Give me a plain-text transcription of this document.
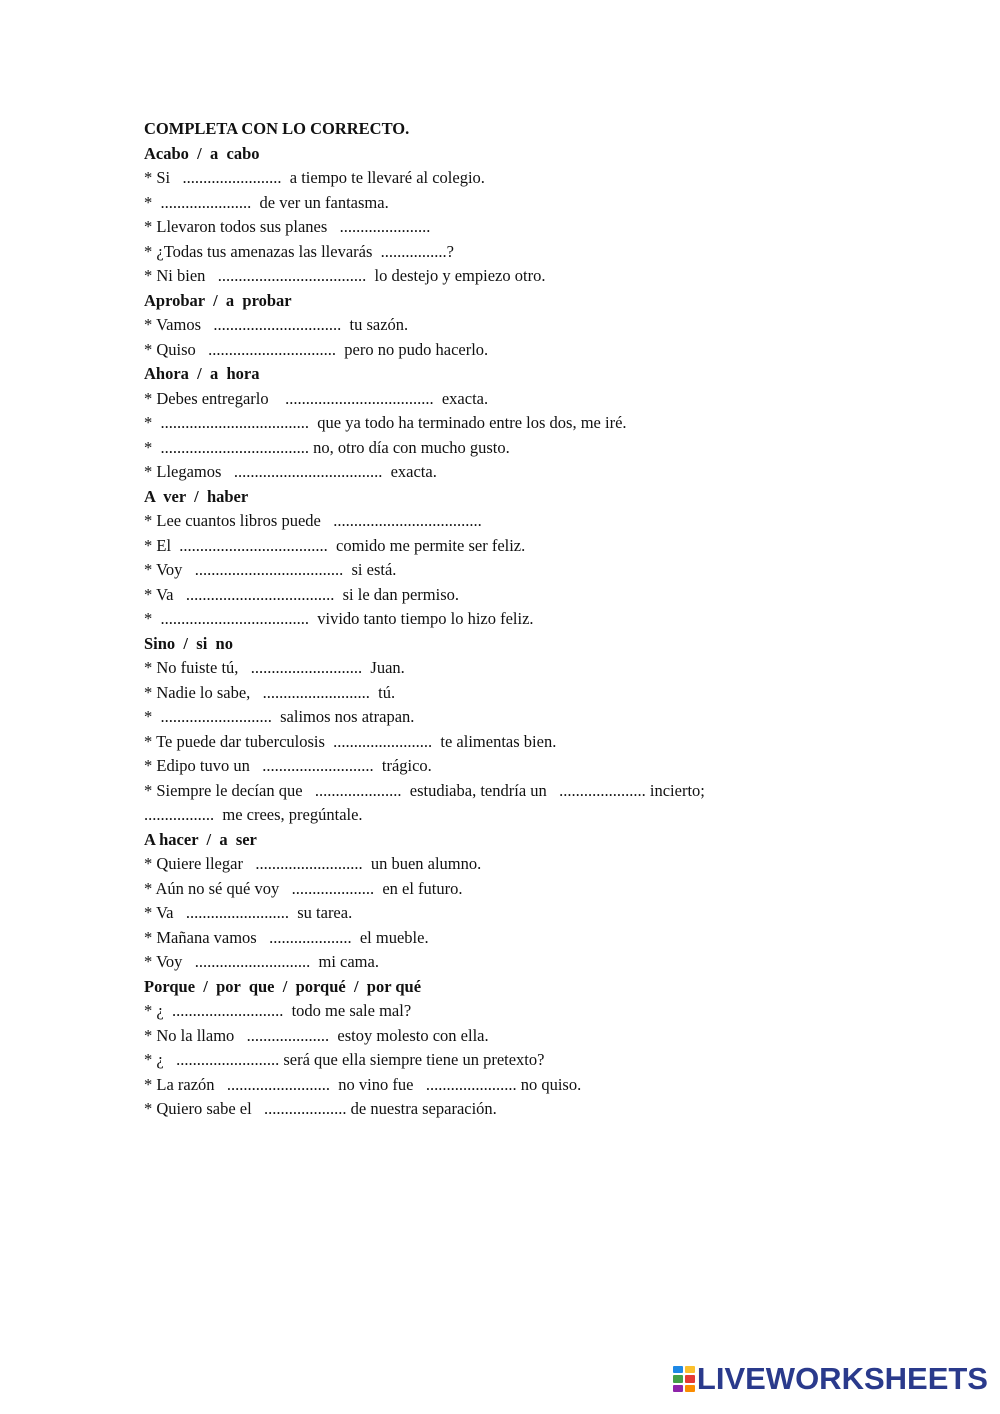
COMPLETA CON LO CORRECTO.
Acabo  /  a  cabo
* Si   ........................  a tiempo te llevaré al colegio.
*  ......................  de ver un fantasma.
* Llevaron todos sus planes   ......................
* ¿Todas tus amenazas las llevarás  ................?
* Ni bien   ....................................  lo destejo y empiezo otro.
Aprobar  /  a  probar
* Vamos   ...............................  tu sazón.
* Quiso   ...............................  pero no pudo hacerlo.
Ahora  /  a  hora
* Debes entregarlo    ....................................  exacta.
*  ....................................  que ya todo ha terminado entre los dos, me iré.
*  .................................... no, otro día con mucho gusto.
* Llegamos   ....................................  exacta.
A  ver  /  haber
* Lee cuantos libros puede   ....................................
* El  ....................................  comido me permite ser feliz.
* Voy   ....................................  si está.
* Va   ....................................  si le dan permiso.
*  ....................................  vivido tanto tiempo lo hizo feliz.
Sino  /  si  no
* No fuiste tú,   ...........................  Juan.
* Nadie lo sabe,   ..........................  tú.
*  ...........................  salimos nos atrapan.
* Te puede dar tuberculosis  ........................  te alimentas bien.
* Edipo tuvo un   ...........................  trágico.
* Siempre le decían que   .....................  estudiaba, tendría un   ..................... incierto;
.................  me crees, pregúntale.
A hacer  /  a  ser
* Quiere llegar   ..........................  un buen alumno.
* Aún no sé qué voy   ....................  en el futuro.
* Va   .........................  su tarea.
* Mañana vamos   ....................  el mueble.
* Voy   ............................  mi cama.
Porque  /  por  que  /  porqué  /  por qué
* ¿  ...........................  todo me sale mal?
* No la llamo   ....................  estoy molesto con ella.
* ¿   ......................... será que ella siempre tiene un pretexto?
* La razón   .........................  no vino fue   ...................... no quiso.
* Quiero sabe el   .................... de nuestra separación.
LIVEWORKSHEETS
